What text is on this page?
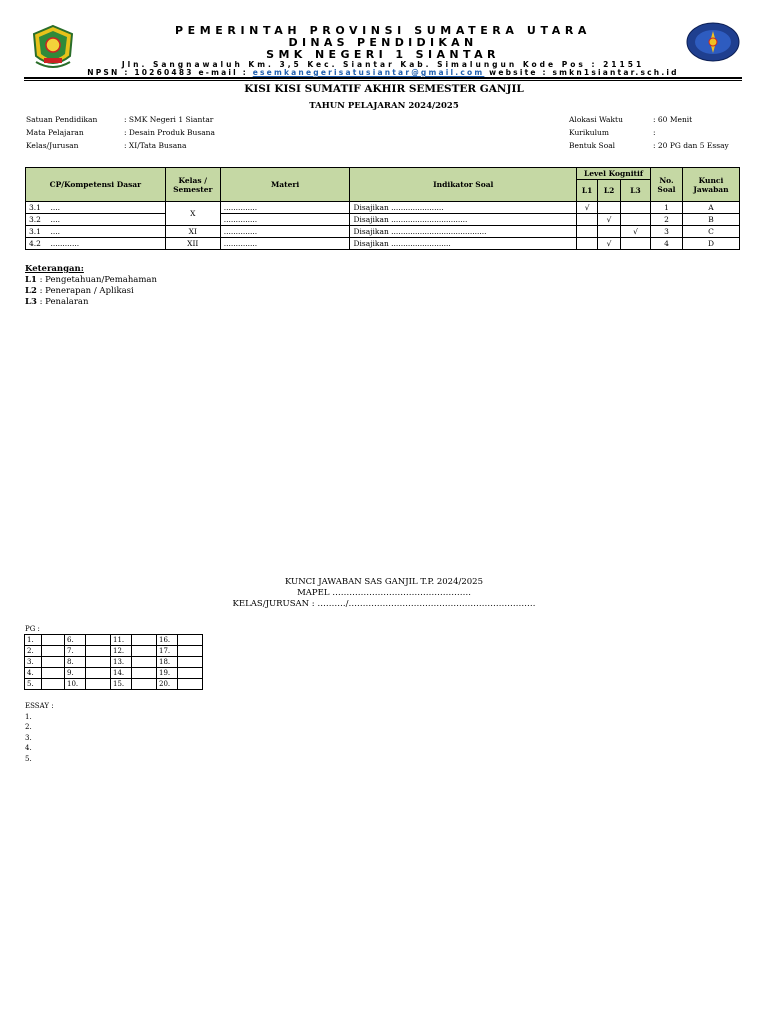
PEMERINTAH PROVINSI SUMATERA UTARA
DINAS PENDIDIKAN
SMK NEGERI 1 SIANTAR
Jln. Sangnawaluh Km. 3,5 Kec. Siantar Kab. Simalungun Kode Pos : 21151
NPSN : 10260483 e-mail : esemkanegerisatusiantar@gmail.com website : smkn1siantar.sch.id
KISI KISI SUMATIF AKHIR SEMESTER GANJIL
TAHUN PELAJARAN 2024/2025
Satuan Pendidikan	: SMK Negeri 1 Siantar
Mata Pelajaran	: Desain Produk Busana
Kelas/Jurusan	: XI/Tata Busana
Alokasi Waktu	: 60 Menit
Kurikulum	:
Bentuk Soal	: 20 PG dan 5 Essay
CP/Kompetensi Dasar	Kelas / Semester	Materi	Indikator Soal	Level Kognitif			No. Soal	Kunci Jawaban
				L1	L2	L3		
3.1 ....	X	..............	Disajikan ......................	√			1	A
3.2 ....		..............	Disajikan ................................		√		2	B
3.1 ....	XI	..............	Disajikan ........................................			√	3	C
4.2 ............	XII	..............	Disajikan .........................		√		4	D
Keterangan:
L1 : Pengetahuan/Pemahaman
L2 : Penerapan / Aplikasi
L3 : Penalaran
KUNCI JAWABAN SAS GANJIL T.P. 2024/2025
MAPEL ………………………………………….
KELAS/JURUSAN : ………./…………………………………………………………
PG :
1.		6.		11.		16.	
2.		7.		12.		17.	
3.		8.		13.		18.	
4.		9.		14.		19.	
5.		10.		15.		20.	
ESSAY :
1.
2.
3.
4.
5.
